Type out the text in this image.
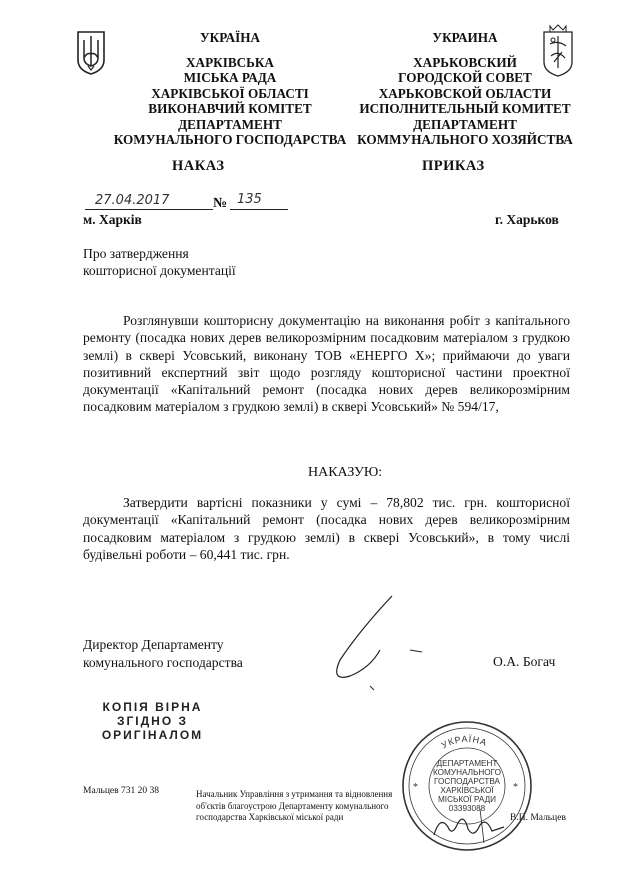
УКРАЇНА
ХАРКІВСЬКА
МІСЬКА РАДА
ХАРКІВСЬКОЇ ОБЛАСТІ
ВИКОНАВЧИЙ КОМІТЕТ
ДЕПАРТАМЕНТ
КОМУНАЛЬНОГО ГОСПОДАРСТВА
УКРАИНА
ХАРЬКОВСКИЙ
ГОРОДСКОЙ СОВЕТ
ХАРЬКОВСКОЙ ОБЛАСТИ
ИСПОЛНИТЕЛЬНЫЙ КОМИТЕТ
ДЕПАРТАМЕНТ
КОММУНАЛЬНОГО ХОЗЯЙСТВА
НАКАЗ	ПРИКАЗ
27.04.2017	№ 135
м. Харків	г. Харьков
Про затвердження
кошторисної документації
Розглянувши кошторисну документацію на виконання робіт з капітального ремонту (посадка нових дерев великорозмірним посадковим матеріалом з грудкою землі) в сквері Усовський, виконану ТОВ «ЕНЕРГО Х»; приймаючи до уваги позитивний експертний звіт щодо розгляду кошторисної частини проектної документації «Капітальний ремонт (посадка нових дерев великорозмірним посадковим матеріалом з грудкою землі) в сквері Усовський» № 594/17,
НАКАЗУЮ:
Затвердити вартісні показники у сумі – 78,802 тис. грн. кошторисної документації «Капітальний ремонт (посадка нових дерев великорозмірним посадковим матеріалом з грудкою землі) в сквері Усовський», в тому числі будівельні роботи – 60,441 тис. грн.
Директор Департаменту
комунального господарства	О.А. Богач
КОПІЯ ВІРНА
ЗГІДНО З
ОРИГІНАЛОМ
Мальцев 731 20 38	Начальник Управління з утримання та відновлення
об'єктів благоустрою Департаменту комунального
господарства Харківської міської ради	В.П. Мальцев
УКРАЇНА
ДЕПАРТАМЕНТ
КОМУНАЛЬНОГО
ГОСПОДАРСТВА
ХАРКІВСЬКОЇ
МІСЬКОЇ РАДИ
03393088
*	*
